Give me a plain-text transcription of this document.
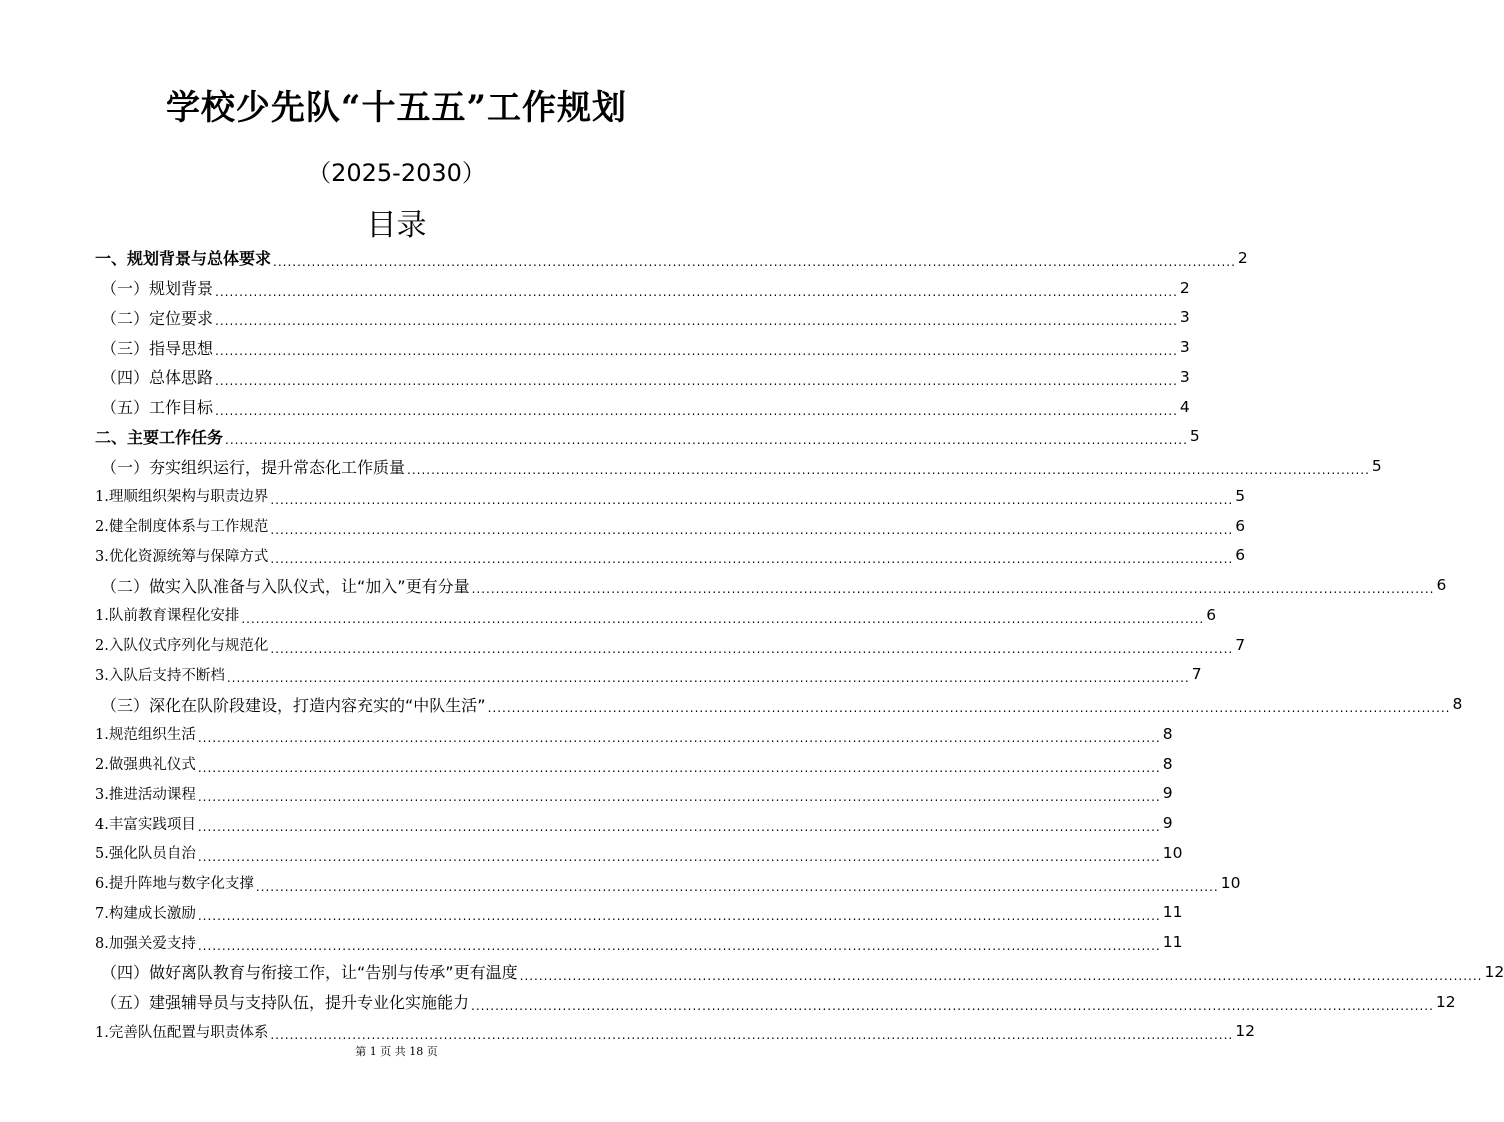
学校少先队“十五五”工作规划
（2025-2030）
目录
一、规划背景与总体要求 ........................................................................................................................................................................................................ 2
（一）规划背景 ........................................................................................................................................................................................................ 2
（二）定位要求 ........................................................................................................................................................................................................ 3
（三）指导思想 ........................................................................................................................................................................................................ 3
（四）总体思路 ........................................................................................................................................................................................................ 3
（五）工作目标 ........................................................................................................................................................................................................ 4
二、主要工作任务 ........................................................................................................................................................................................................ 5
（一）夯实组织运行，提升常态化工作质量 ........................................................................................................................................................................................................ 5
1.理顺组织架构与职责边界 ........................................................................................................................................................................................................ 5
2.健全制度体系与工作规范 ........................................................................................................................................................................................................ 6
3.优化资源统筹与保障方式 ........................................................................................................................................................................................................ 6
（二）做实入队准备与入队仪式，让“加入”更有分量 ........................................................................................................................................................................................................ 6
1.队前教育课程化安排 ........................................................................................................................................................................................................ 6
2.入队仪式序列化与规范化 ........................................................................................................................................................................................................ 7
3.入队后支持不断档 ........................................................................................................................................................................................................ 7
（三）深化在队阶段建设，打造内容充实的“中队生活” ........................................................................................................................................................................................................ 8
1.规范组织生活 ........................................................................................................................................................................................................ 8
2.做强典礼仪式 ........................................................................................................................................................................................................ 8
3.推进活动课程 ........................................................................................................................................................................................................ 9
4.丰富实践项目 ........................................................................................................................................................................................................ 9
5.强化队员自治 ........................................................................................................................................................................................................ 10
6.提升阵地与数字化支撑 ........................................................................................................................................................................................................ 10
7.构建成长激励 ........................................................................................................................................................................................................ 11
8.加强关爱支持 ........................................................................................................................................................................................................ 11
（四）做好离队教育与衔接工作，让“告别与传承”更有温度 ........................................................................................................................................................................................................ 12
（五）建强辅导员与支持队伍，提升专业化实施能力 ........................................................................................................................................................................................................ 12
1.完善队伍配置与职责体系 ........................................................................................................................................................................................................ 12
第 1 页 共 18 页
